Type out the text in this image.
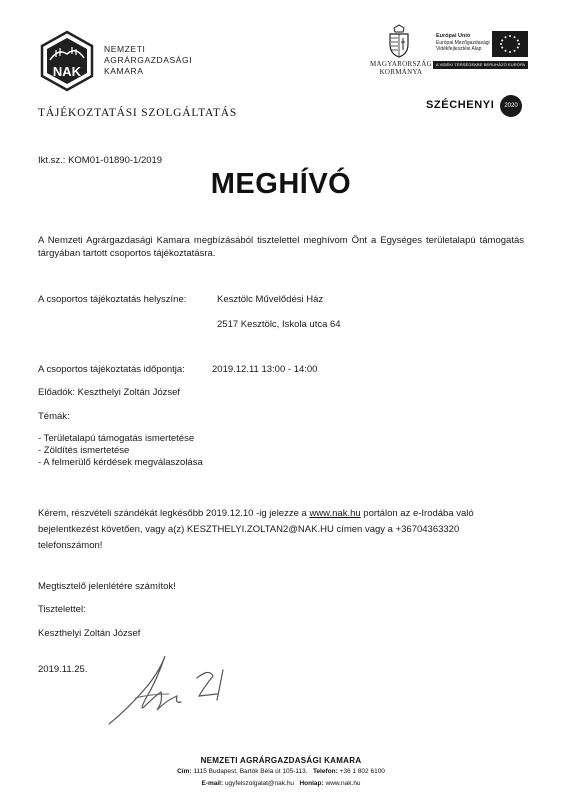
NAK
NEMZETI
AGRÁRGAZDASÁGI
KAMARA
TÁJÉKOZTATÁSI SZOLGÁLTATÁS
MAGYARORSZÁG
KORMÁNYA
Európai Unió
Európai Mezőgazdasági
Vidékfejlesztési Alap
A VIDÉKI TÉRSÉGEKBE BERUHÁZÓ EURÓPA
SZÉCHENYI	2020
Ikt.sz.: KOM01-01890-1/2019
MEGHÍVÓ
A Nemzeti Agrárgazdasági Kamara megbízásából tisztelettel meghívom Önt a Egységes területalapú támogatás tárgyában tartott csoportos tájékoztatásra.
A csoportos tájékoztatás helyszíne:	Kesztölc Művelődési Ház
2517 Kesztölc, Iskola utca 64
A csoportos tájékoztatás időpontja:	2019.12.11 13:00 - 14:00
Előadók: Keszthelyi Zoltán József
Témák:
- Területalapú támogatás ismertetése
- Zöldítés ismertetése
- A felmerülő kérdések megválaszolása
Kérem, részvételi szándékát legkésőbb 2019.12.10 -ig jelezze a www.nak.hu portálon az e-Irodába való bejelentkezést követően, vagy a(z) KESZTHELYI.ZOLTAN2@NAK.HU címen vagy a +36704363320 telefonszámon!
Megtisztelő jelenlétére számítok!
Tisztelettel:
Keszthelyi Zoltán József
2019.11.25.
NEMZETI AGRÁRGAZDASÁGI KAMARA
Cím: 1115 Budapest, Bartók Béla út 105-113. Telefon: +36 1 802 6100
E-mail: ugyfelszolgalat@nak.hu Honlap: www.nak.hu
